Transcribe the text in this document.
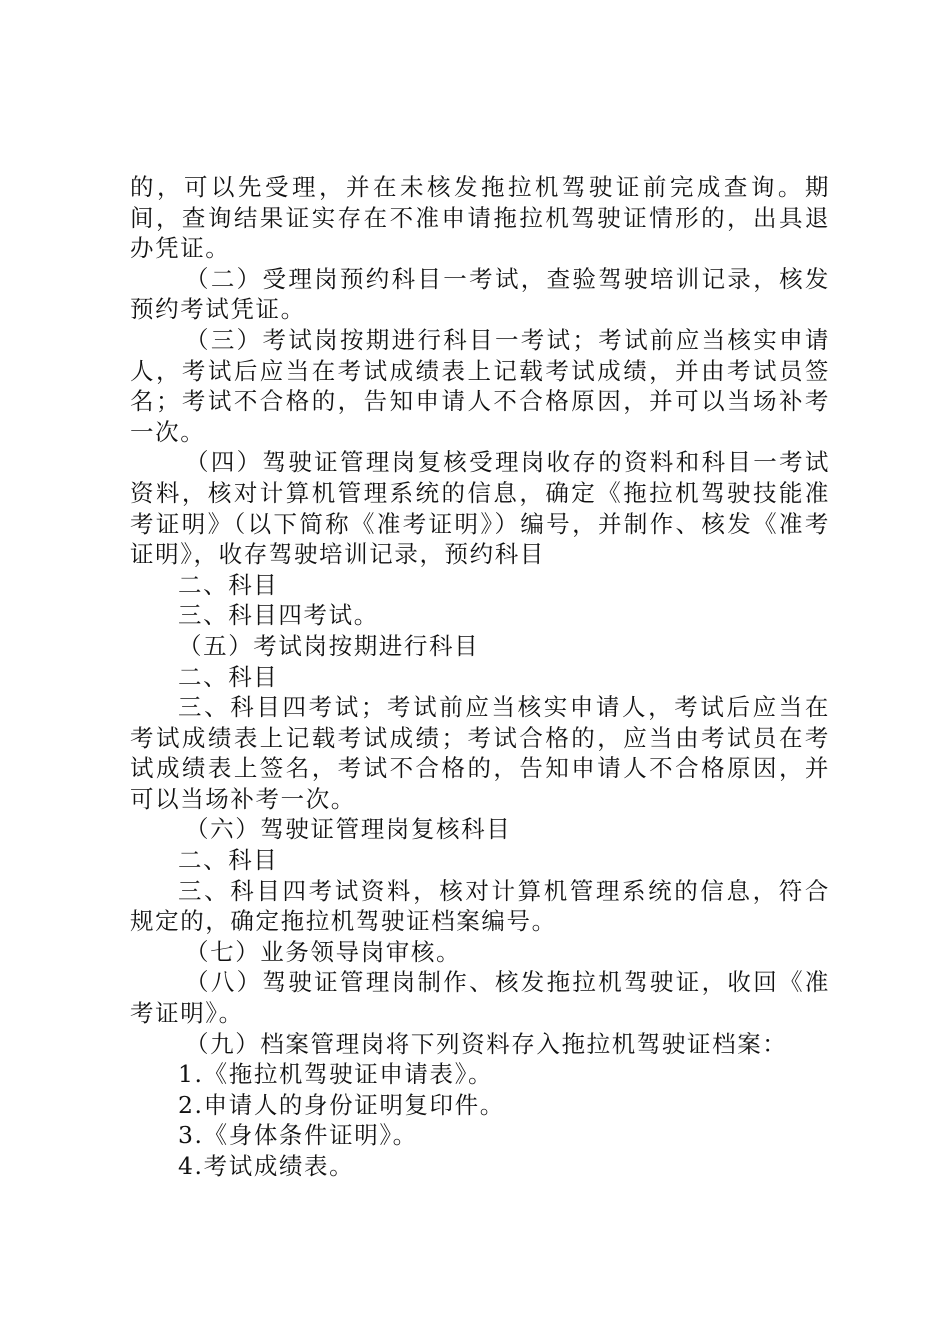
的，可以先受理，并在未核发拖拉机驾驶证前完成查询。期间，查询结果证实存在不准申请拖拉机驾驶证情形的，出具退办凭证。

（二）受理岗预约科目一考试，查验驾驶培训记录，核发预约考试凭证。

（三）考试岗按期进行科目一考试；考试前应当核实申请人，考试后应当在考试成绩表上记载考试成绩，并由考试员签名；考试不合格的，告知申请人不合格原因，并可以当场补考一次。

（四）驾驶证管理岗复核受理岗收存的资料和科目一考试资料，核对计算机管理系统的信息，确定《拖拉机驾驶技能准考证明》（以下简称《准考证明》）编号，并制作、核发《准考证明》，收存驾驶培训记录，预约科目

二、科目

三、科目四考试。

（五）考试岗按期进行科目

二、科目

三、科目四考试；考试前应当核实申请人，考试后应当在考试成绩表上记载考试成绩；考试合格的，应当由考试员在考试成绩表上签名，考试不合格的，告知申请人不合格原因，并可以当场补考一次。

（六）驾驶证管理岗复核科目

二、科目

三、科目四考试资料，核对计算机管理系统的信息，符合规定的，确定拖拉机驾驶证档案编号。

（七）业务领导岗审核。

（八）驾驶证管理岗制作、核发拖拉机驾驶证，收回《准考证明》。

（九）档案管理岗将下列资料存入拖拉机驾驶证档案：

1.《拖拉机驾驶证申请表》。

2.申请人的身份证明复印件。

3.《身体条件证明》。

4.考试成绩表。
